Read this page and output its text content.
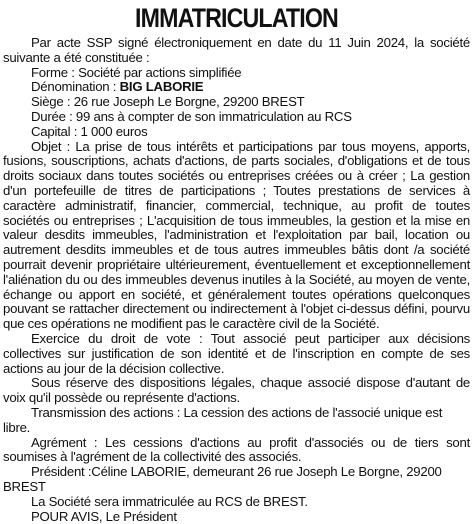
IMMATRICULATION

Par acte SSP signé électroniquement en date du 11 Juin 2024, la société suivante a été constituée :

Forme : Société par actions simplifiée

Dénomination : BIG LABORIE

Siège : 26 rue Joseph Le Borgne, 29200 BREST

Durée : 99 ans à compter de son immatriculation au RCS

Capital : 1 000 euros

Objet : La prise de tous intérêts et participations par tous moyens, apports, fusions, souscriptions, achats d'actions, de parts sociales, d'obligations et de tous droits sociaux dans toutes sociétés ou entreprises créées ou à créer ; La gestion d'un portefeuille de titres de participations ; Toutes prestations de services à caractère administratif, financier, commercial, technique, au profit de toutes sociétés ou entreprises ; L'acquisition de tous immeubles, la gestion et la mise en valeur desdits immeubles, l'administration et l'exploitation par bail, location ou autrement desdits immeubles et de tous autres immeubles bâtis dont /a société pourrait devenir propriétaire ultérieurement, éventuellement et exceptionnellement l'aliénation du ou des immeubles devenus inutiles à la Société, au moyen de vente, échange ou apport en société, et généralement toutes opérations quelconques pouvant se rattacher directement ou indirectement à l'objet ci-dessus défini, pourvu que ces opérations ne modifient pas le caractère civil de la Société.

Exercice du droit de vote : Tout associé peut participer aux décisions collectives sur justification de son identité et de l'inscription en compte de ses actions au jour de la décision collective.

Sous réserve des dispositions légales, chaque associé dispose d'autant de voix qu'il possède ou représente d'actions.

Transmission des actions : La cession des actions de l'associé unique est libre.

Agrément : Les cessions d'actions au profit d'associés ou de tiers sont soumises à l'agrément de la collectivité des associés.

Président :Céline LABORIE, demeurant 26 rue Joseph Le Borgne, 29200 BREST

La Société sera immatriculée au RCS de BREST.

POUR AVIS, Le Président
